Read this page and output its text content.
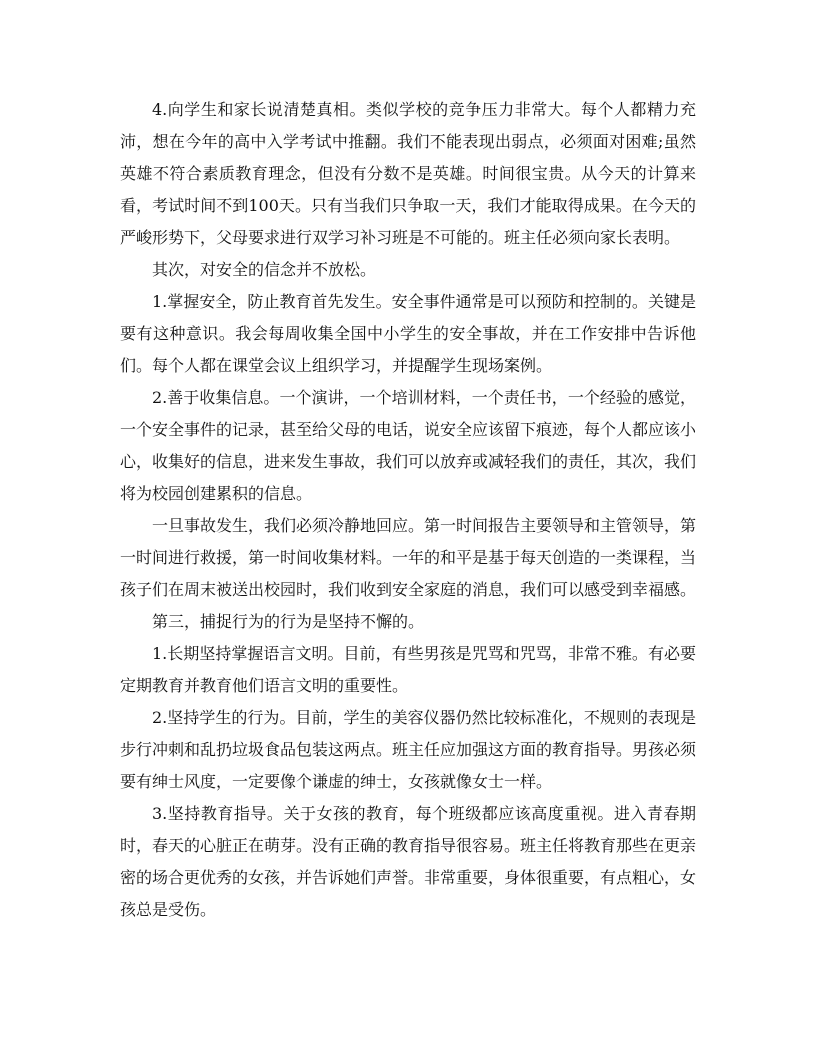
4.向学生和家长说清楚真相。类似学校的竞争压力非常大。每个人都精力充沛，想在今年的高中入学考试中推翻。我们不能表现出弱点，必须面对困难;虽然英雄不符合素质教育理念，但没有分数不是英雄。时间很宝贵。从今天的计算来看，考试时间不到100天。只有当我们只争取一天，我们才能取得成果。在今天的严峻形势下，父母要求进行双学习补习班是不可能的。班主任必须向家长表明。

其次，对安全的信念并不放松。

1.掌握安全，防止教育首先发生。安全事件通常是可以预防和控制的。关键是要有这种意识。我会每周收集全国中小学生的安全事故，并在工作安排中告诉他们。每个人都在课堂会议上组织学习，并提醒学生现场案例。

2.善于收集信息。一个演讲，一个培训材料，一个责任书，一个经验的感觉，一个安全事件的记录，甚至给父母的电话，说安全应该留下痕迹，每个人都应该小心，收集好的信息，进来发生事故，我们可以放弃或减轻我们的责任，其次，我们将为校园创建累积的信息。

一旦事故发生，我们必须冷静地回应。第一时间报告主要领导和主管领导，第一时间进行救援，第一时间收集材料。一年的和平是基于每天创造的一类课程，当孩子们在周末被送出校园时，我们收到安全家庭的消息，我们可以感受到幸福感。

第三，捕捉行为的行为是坚持不懈的。

1.长期坚持掌握语言文明。目前，有些男孩是咒骂和咒骂，非常不雅。有必要定期教育并教育他们语言文明的重要性。

2.坚持学生的行为。目前，学生的美容仪器仍然比较标准化，不规则的表现是步行冲刺和乱扔垃圾食品包装这两点。班主任应加强这方面的教育指导。男孩必须要有绅士风度，一定要像个谦虚的绅士，女孩就像女士一样。

3.坚持教育指导。关于女孩的教育，每个班级都应该高度重视。进入青春期时，春天的心脏正在萌芽。没有正确的教育指导很容易。班主任将教育那些在更亲密的场合更优秀的女孩，并告诉她们声誉。非常重要，身体很重要，有点粗心，女孩总是受伤。
